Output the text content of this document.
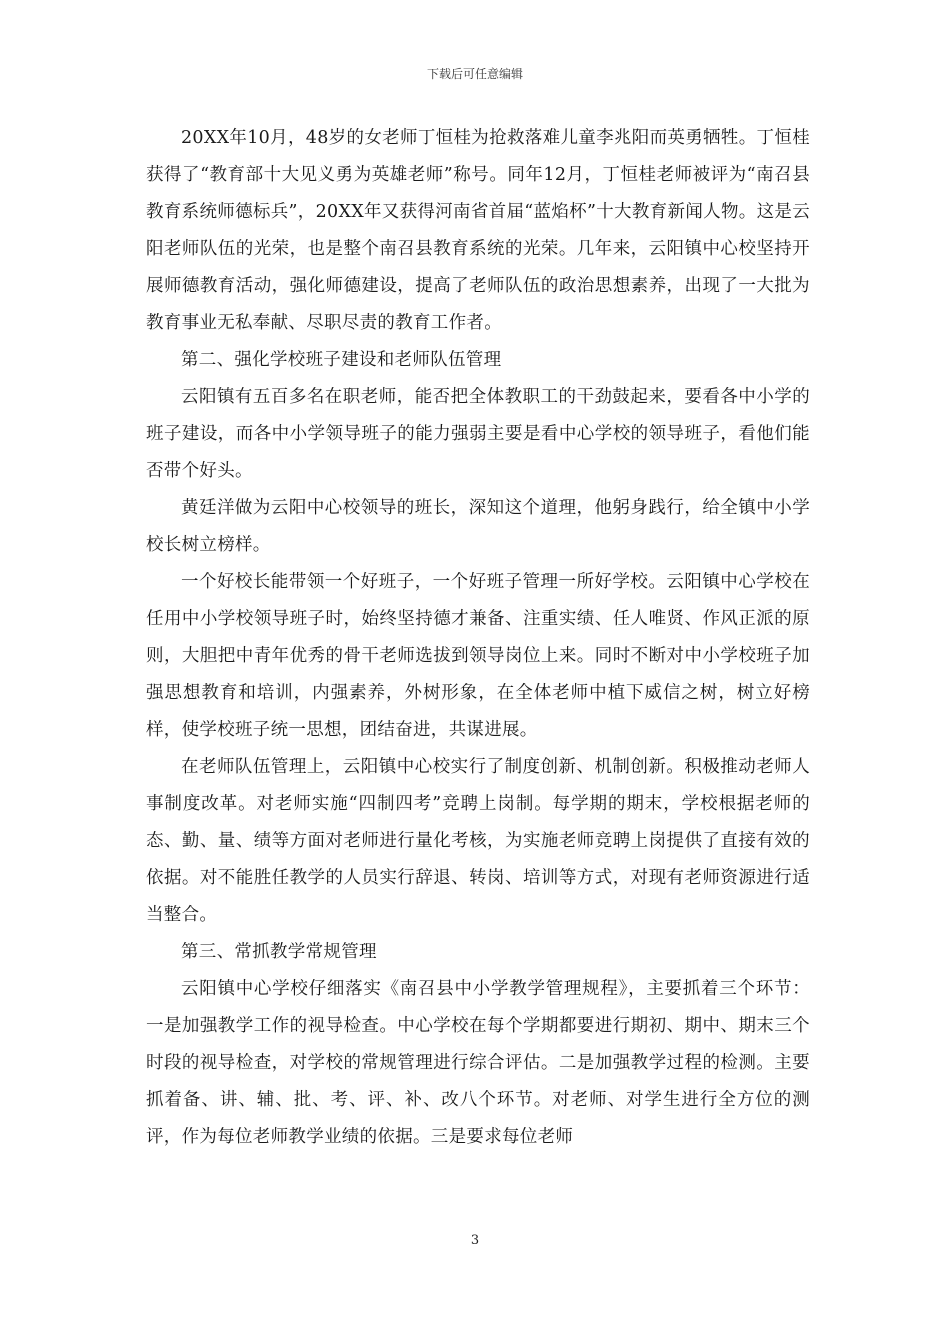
下载后可任意编辑

20XX年10月，48岁的女老师丁恒桂为抢救落难儿童李兆阳而英勇牺牲。丁恒桂获得了“教育部十大见义勇为英雄老师”称号。同年12月，丁恒桂老师被评为“南召县教育系统师德标兵”，20XX年又获得河南省首届“蓝焰杯”十大教育新闻人物。这是云阳老师队伍的光荣，也是整个南召县教育系统的光荣。几年来，云阳镇中心校坚持开展师德教育活动，强化师德建设，提高了老师队伍的政治思想素养，出现了一大批为教育事业无私奉献、尽职尽责的教育工作者。

第二、强化学校班子建设和老师队伍管理

云阳镇有五百多名在职老师，能否把全体教职工的干劲鼓起来，要看各中小学的班子建设，而各中小学领导班子的能力强弱主要是看中心学校的领导班子，看他们能否带个好头。

黄廷洋做为云阳中心校领导的班长，深知这个道理，他躬身践行，给全镇中小学校长树立榜样。

一个好校长能带领一个好班子，一个好班子管理一所好学校。云阳镇中心学校在任用中小学校领导班子时，始终坚持德才兼备、注重实绩、任人唯贤、作风正派的原则，大胆把中青年优秀的骨干老师选拔到领导岗位上来。同时不断对中小学校班子加强思想教育和培训，内强素养，外树形象，在全体老师中植下威信之树，树立好榜样，使学校班子统一思想，团结奋进，共谋进展。

在老师队伍管理上，云阳镇中心校实行了制度创新、机制创新。积极推动老师人事制度改革。对老师实施“四制四考”竞聘上岗制。每学期的期末，学校根据老师的态、勤、量、绩等方面对老师进行量化考核，为实施老师竞聘上岗提供了直接有效的依据。对不能胜任教学的人员实行辞退、转岗、培训等方式，对现有老师资源进行适当整合。

第三、常抓教学常规管理

云阳镇中心学校仔细落实《南召县中小学教学管理规程》，主要抓着三个环节：一是加强教学工作的视导检查。中心学校在每个学期都要进行期初、期中、期末三个时段的视导检查，对学校的常规管理进行综合评估。二是加强教学过程的检测。主要抓着备、讲、辅、批、考、评、补、改八个环节。对老师、对学生进行全方位的测评，作为每位老师教学业绩的依据。三是要求每位老师

3
